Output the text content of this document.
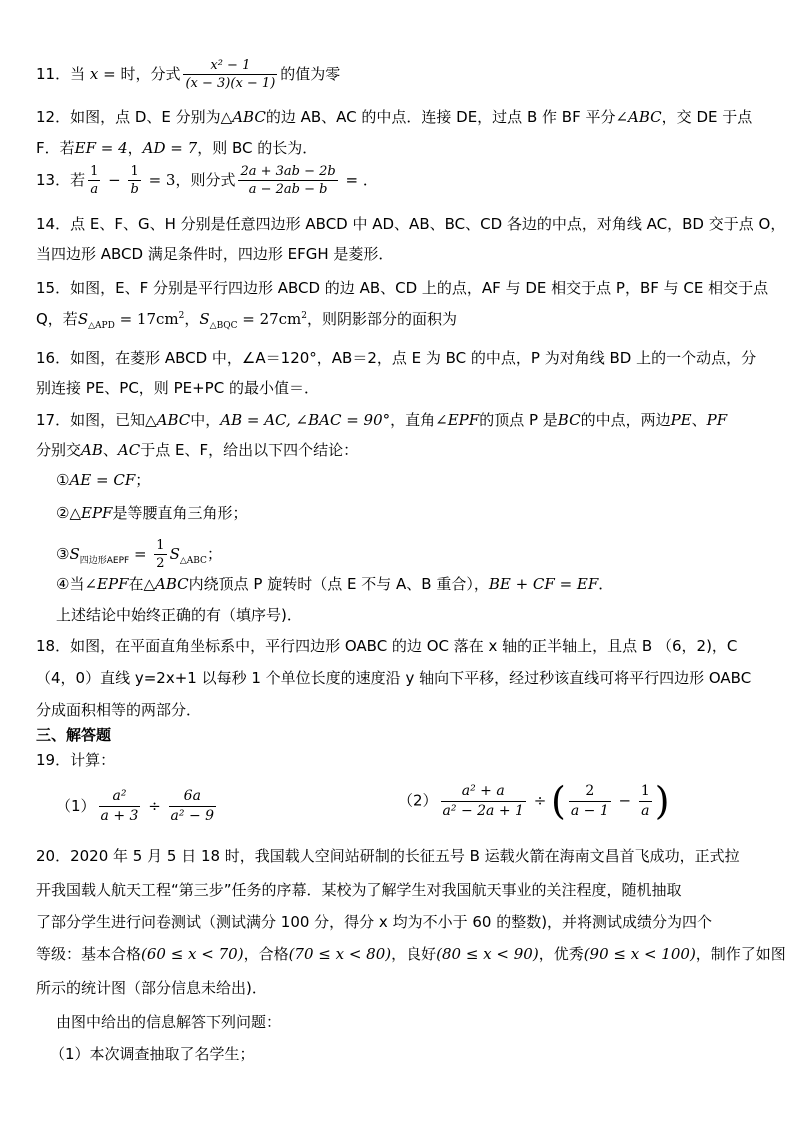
11．当 x = 时，分式 $\frac{\text{x² − 1}}{(x - 3)(x - 1)}$ 的值为零
12．如图，点 D、E 分别为△ABC的边 AB、AC 的中点．连接 DE，过点 B 作 BF 平分∠ABC，交 DE 于点
F．若EF = 4，AD = 7，则 BC 的长为．
13．若 $\frac{1}{a} - \frac{1}{b} = 3$，则分式 $\frac{2a + 3ab - 2b}{a - 2ab - b}$ = ．
14．点 E、F、G、H 分别是任意四边形 ABCD 中 AD、AB、BC、CD 各边的中点，对角线 AC，BD 交于点 O，
当四边形 ABCD 满足条件时，四边形 EFGH 是菱形．
15．如图，E、F 分别是平行四边形 ABCD 的边 AB、CD 上的点，AF 与 DE 相交于点 P，BF 与 CE 相交于点
Q，若$S_{\triangle APD} = 17cm^2$，$S_{\triangle BQC} = 27cm^2$，则阴影部分的面积为
16．如图，在菱形 ABCD 中，∠A＝120°，AB＝2，点 E 为 BC 的中点，P 为对角线 BD 上的一个动点，分
别连接 PE、PC，则 PE+PC 的最小值＝．
17．如图，已知△ABC中，AB = AC, ∠BAC = 90°，直角∠EPF的顶点 P 是BC的中点，两边PE、PF
分别交AB、AC于点 E、F，给出以下四个结论：
①AE = CF；
②△EPF是等腰直角三角形；
$③S_{四边形AEPF} = \frac{1}{2} S_{\triangle ABC}$；
④当∠EPF在△ABC内绕顶点 P 旋转时（点 E 不与 A、B 重合），BE + CF = EF．
上述结论中始终正确的有（填序号)．
18．如图，在平面直角坐标系中，平行四边形 OABC 的边 OC 落在 x 轴的正半轴上，且点 B （6，2)，C
（4，0）直线 y=2x+1 以每秒 1 个单位长度的速度沿 y 轴向下平移，经过秒该直线可将平行四边形 OABC
分成面积相等的两部分．
三、解答题
19．计算：
$(1) \frac{\text{a²}}{a + 3} \div \frac{6a}{\text{a² − 9}}$	$(2) \frac{\text{a² + a}}{\text{a² − 2a + 1}}$ ÷ ( $\frac{2}{a - 1} - \frac{1}{a}$ )
20．2020 年 5 月 5 日 18 时，我国载人空间站研制的长征五号 B 运载火箭在海南文昌首飞成功，正式拉
开我国载人航天工程“第三步”任务的序幕．某校为了解学生对我国航天事业的关注程度，随机抽取
了部分学生进行问卷测试（测试满分 100 分，得分 x 均为不小于 60 的整数)，并将测试成绩分为四个
等级：基本合格(60 ≤ x < 70)，合格(70 ≤ x < 80)，良好(80 ≤ x < 90)，优秀(90 ≤ x < 100)，制作了如图
所示的统计图（部分信息未给出)．
由图中给出的信息解答下列问题：
（1）本次调查抽取了名学生；
